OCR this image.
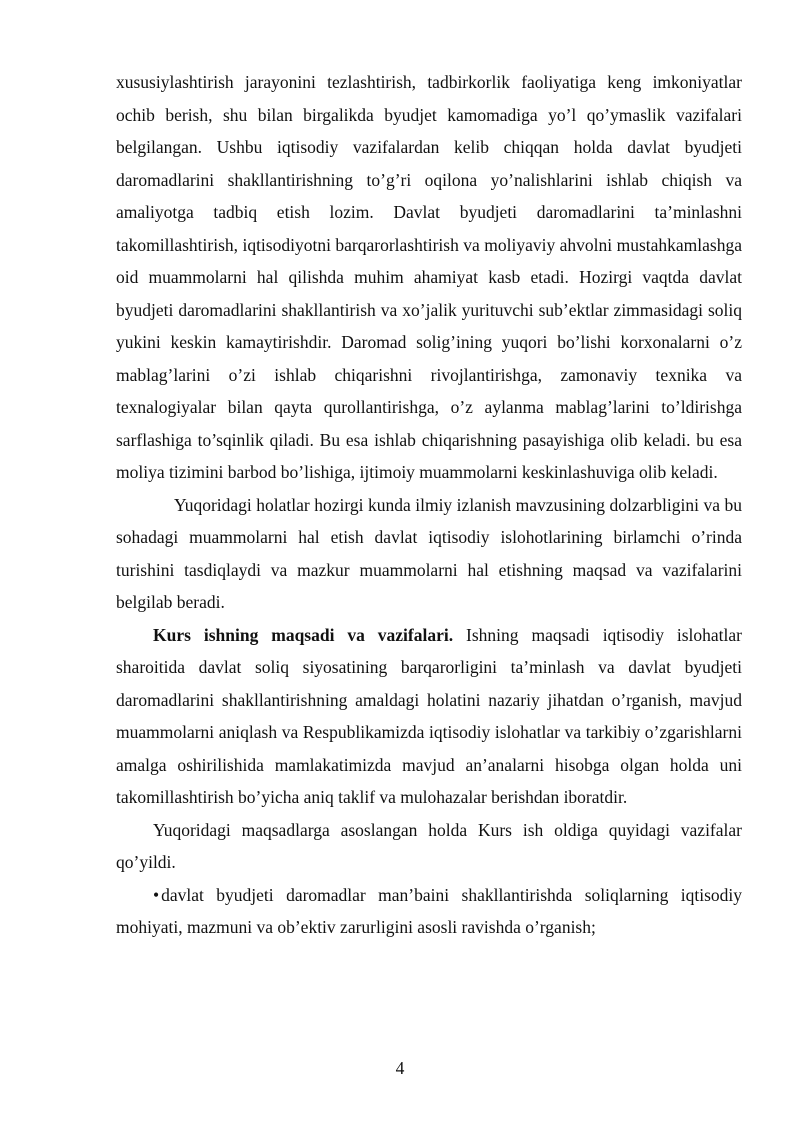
xususiylashtirish jarayonini tezlashtirish, tadbirkorlik faoliyatiga keng imkoniyatlar ochib berish, shu bilan birgalikda byudjet kamomadiga yo’l qo’ymaslik vazifalari belgilangan. Ushbu iqtisodiy vazifalardan kelib chiqqan holda davlat byudjeti daromadlarini shakllantirishning to’g’ri oqilona yo’nalishlarini ishlab chiqish va amaliyotga tadbiq etish lozim. Davlat byudjeti daromadlarini ta’minlashni takomillashtirish, iqtisodiyotni barqarorlashtirish va moliyaviy ahvolni mustahkamlashga oid muammolarni hal qilishda muhim ahamiyat kasb etadi. Hozirgi vaqtda davlat byudjeti daromadlarini shakllantirish va xo’jalik yurituvchi sub’ektlar zimmasidagi soliq yukini keskin kamaytirishdir. Daromad solig’ining yuqori bo’lishi korxonalarni o’z mablag’larini o’zi ishlab chiqarishni rivojlantirishga, zamonaviy texnika va texnalogiyalar bilan qayta qurollantirishga, o’z aylanma mablag’larini to’ldirishga sarflashiga to’sqinlik qiladi. Bu esa ishlab chiqarishning pasayishiga olib keladi. bu esa moliya tizimini barbod bo’lishiga, ijtimoiy muammolarni keskinlashuviga olib keladi.

Yuqoridagi holatlar hozirgi kunda ilmiy izlanish mavzusining dolzarbligini va bu sohadagi muammolarni hal etish davlat iqtisodiy islohotlarining birlamchi o’rinda turishini tasdiqlaydi va mazkur muammolarni hal etishning maqsad va vazifalarini belgilab beradi.

Kurs ishning maqsadi va vazifalari. Ishning maqsadi iqtisodiy islohatlar sharoitida davlat soliq siyosatining barqarorligini ta’minlash va davlat byudjeti daromadlarini shakllantirishning amaldagi holatini nazariy jihatdan o’rganish, mavjud muammolarni aniqlash va Respublikamizda iqtisodiy islohatlar va tarkibiy o’zgarishlarni amalga oshirilishida mamlakatimizda mavjud an’analarni hisobga olgan holda uni takomillashtirish bo’yicha aniq taklif va mulohazalar berishdan iboratdir.

Yuqoridagi maqsadlarga asoslangan holda Kurs ish oldiga quyidagi vazifalar qo’yildi.

• davlat byudjeti daromadlar man’baini shakllantirishda soliqlarning iqtisodiy mohiyati, mazmuni va ob’ektiv zarurligini asosli ravishda o’rganish;

4
